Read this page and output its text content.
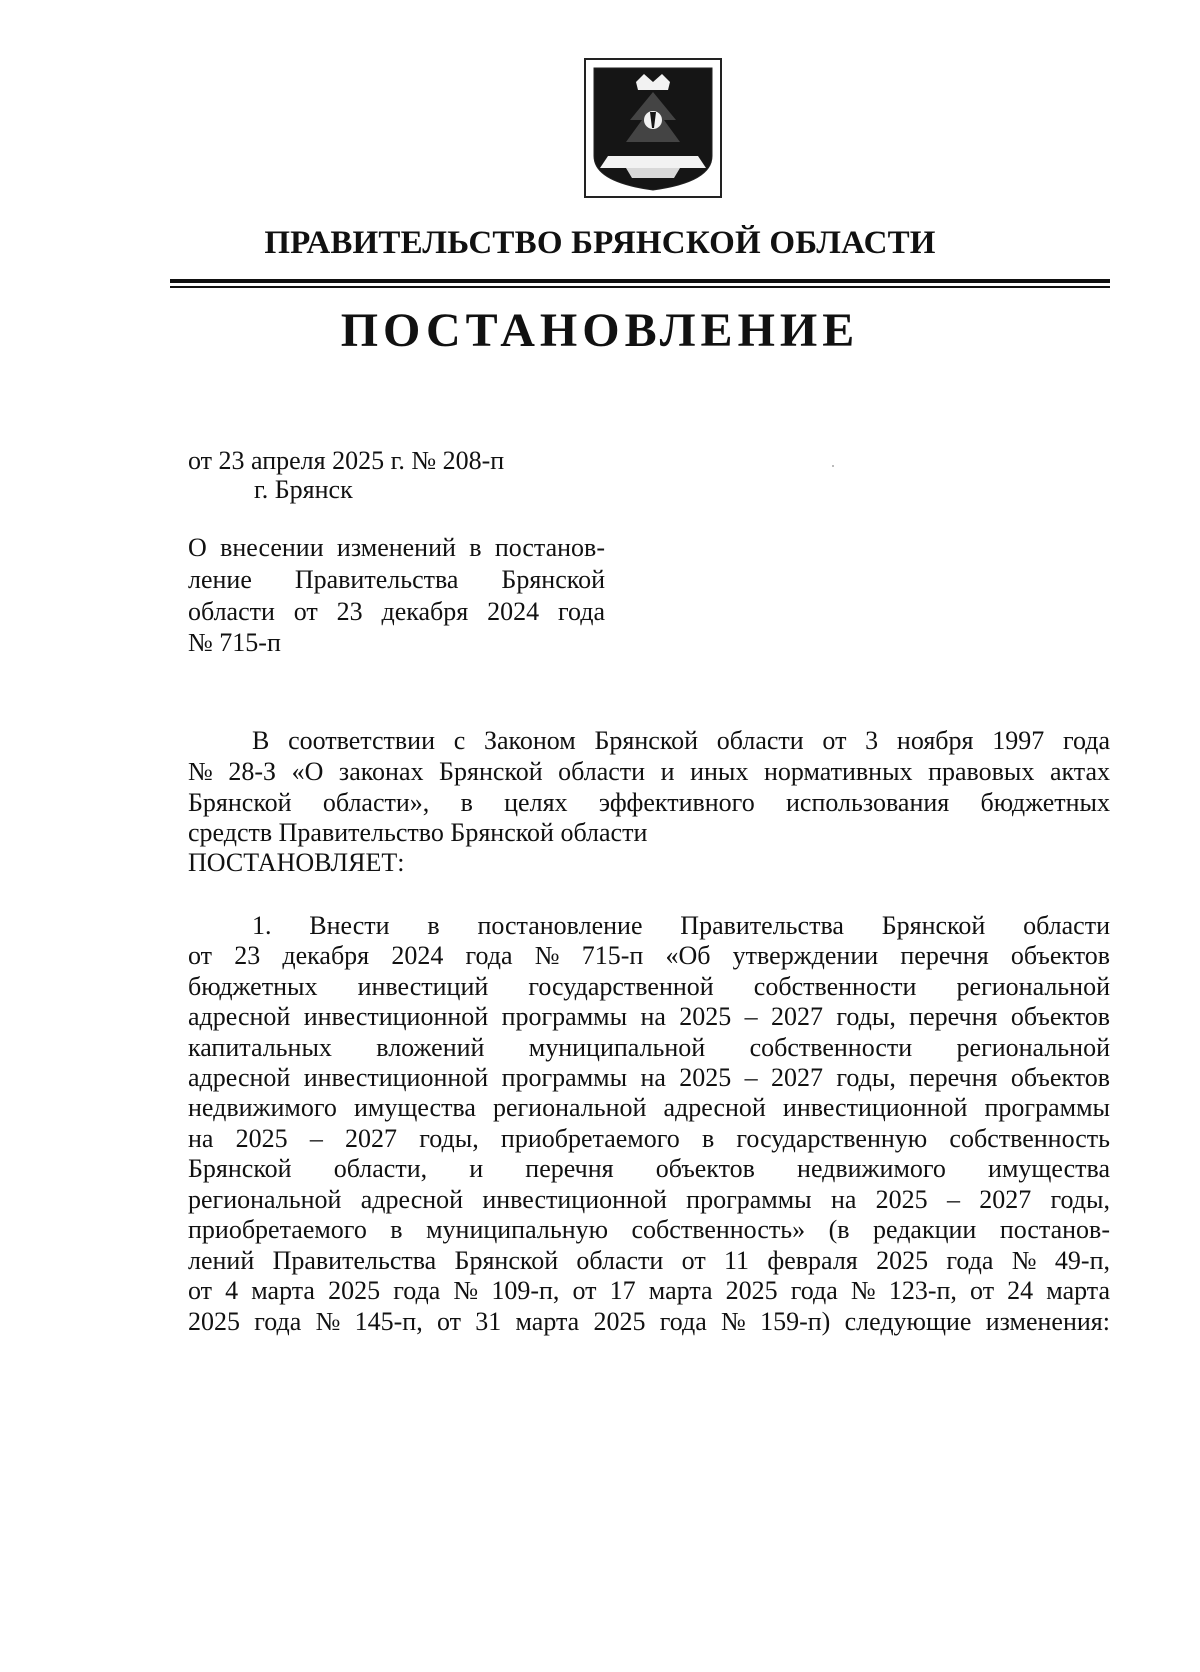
ПРАВИТЕЛЬСТВО БРЯНСКОЙ ОБЛАСТИ
ПОСТАНОВЛЕНИЕ
от 23 апреля 2025 г. № 208-п
г. Брянск
О внесении изменений в постанов-
ление Правительства Брянской
области от 23 декабря 2024 года
№ 715-п
В соответствии с Законом Брянской области от 3 ноября 1997 года
№ 28-З «О законах Брянской области и иных нормативных правовых актах
Брянской области», в целях эффективного использования бюджетных
средств Правительство Брянской области
ПОСТАНОВЛЯЕТ:
1. Внести в постановление Правительства Брянской области
от 23 декабря 2024 года № 715-п «Об утверждении перечня объектов
бюджетных инвестиций государственной собственности региональной
адресной инвестиционной программы на 2025 – 2027 годы, перечня объектов
капитальных вложений муниципальной собственности региональной
адресной инвестиционной программы на 2025 – 2027 годы, перечня объектов
недвижимого имущества региональной адресной инвестиционной программы
на 2025 – 2027 годы, приобретаемого в государственную собственность
Брянской области, и перечня объектов недвижимого имущества
региональной адресной инвестиционной программы на 2025 – 2027 годы,
приобретаемого в муниципальную собственность» (в редакции постанов-
лений Правительства Брянской области от 11 февраля 2025 года № 49-п,
от 4 марта 2025 года № 109-п, от 17 марта 2025 года № 123-п, от 24 марта
2025 года № 145-п, от 31 марта 2025 года № 159-п) следующие изменения:
